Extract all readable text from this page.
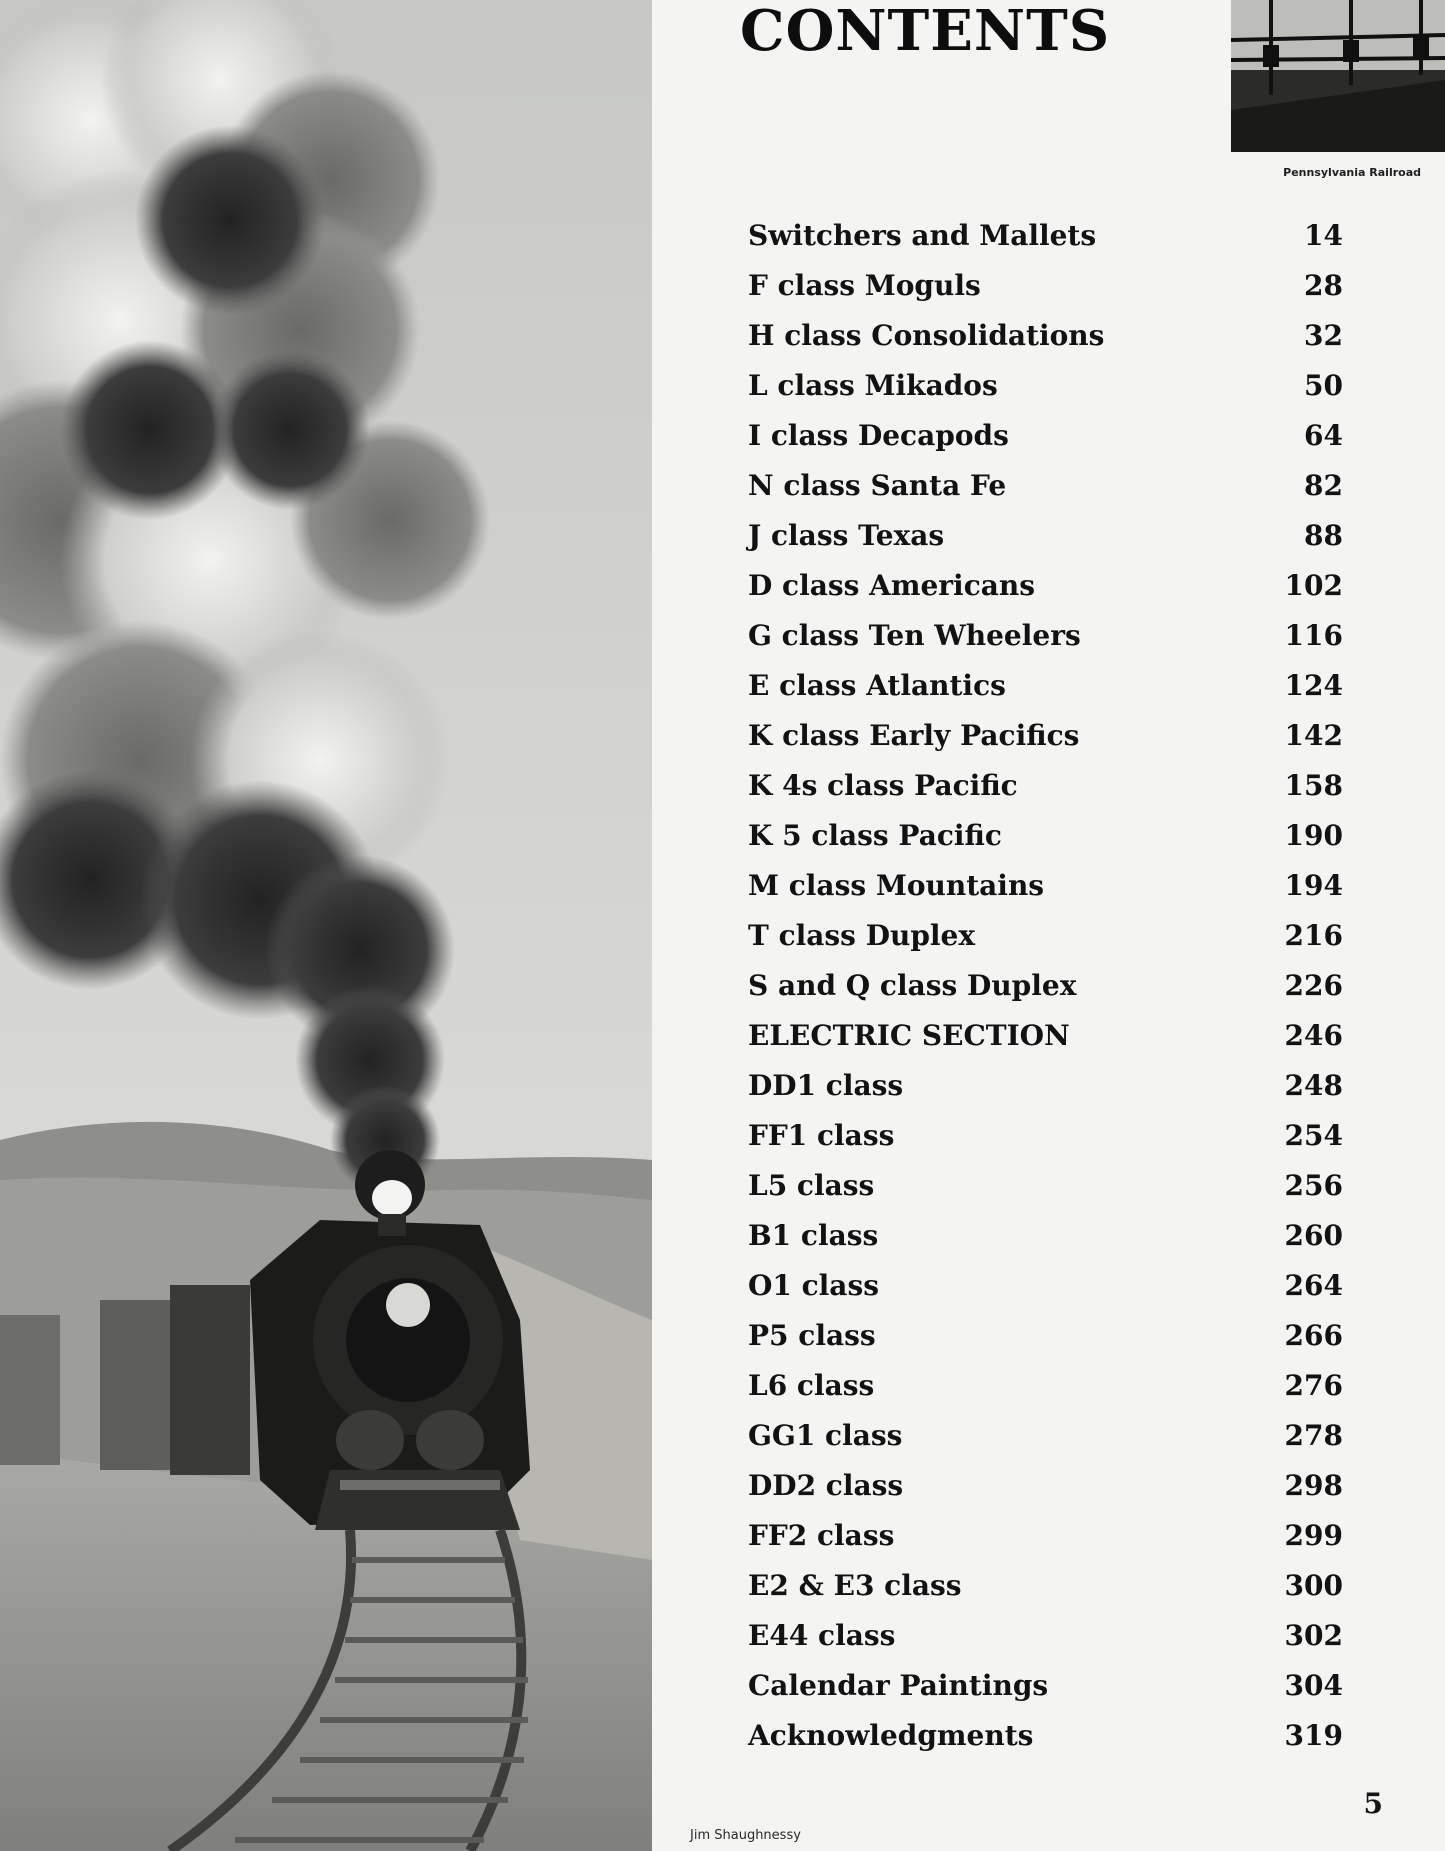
Jim Shaughnessy
CONTENTS
Pennsylvania Railroad
Switchers and Mallets	14
F class Moguls	28
H class Consolidations	32
L class Mikados	50
I class Decapods	64
N class Santa Fe	82
J class Texas	88
D class Americans	102
G class Ten Wheelers	116
E class Atlantics	124
K class Early Pacifics	142
K 4s class Pacific	158
K 5 class Pacific	190
M class Mountains	194
T class Duplex	216
S and Q class Duplex	226
ELECTRIC SECTION	246
DD1 class	248
FF1 class	254
L5 class	256
B1 class	260
O1 class	264
P5 class	266
L6 class	276
GG1 class	278
DD2 class	298
FF2 class	299
E2 & E3 class	300
E44 class	302
Calendar Paintings	304
Acknowledgments	319
5
